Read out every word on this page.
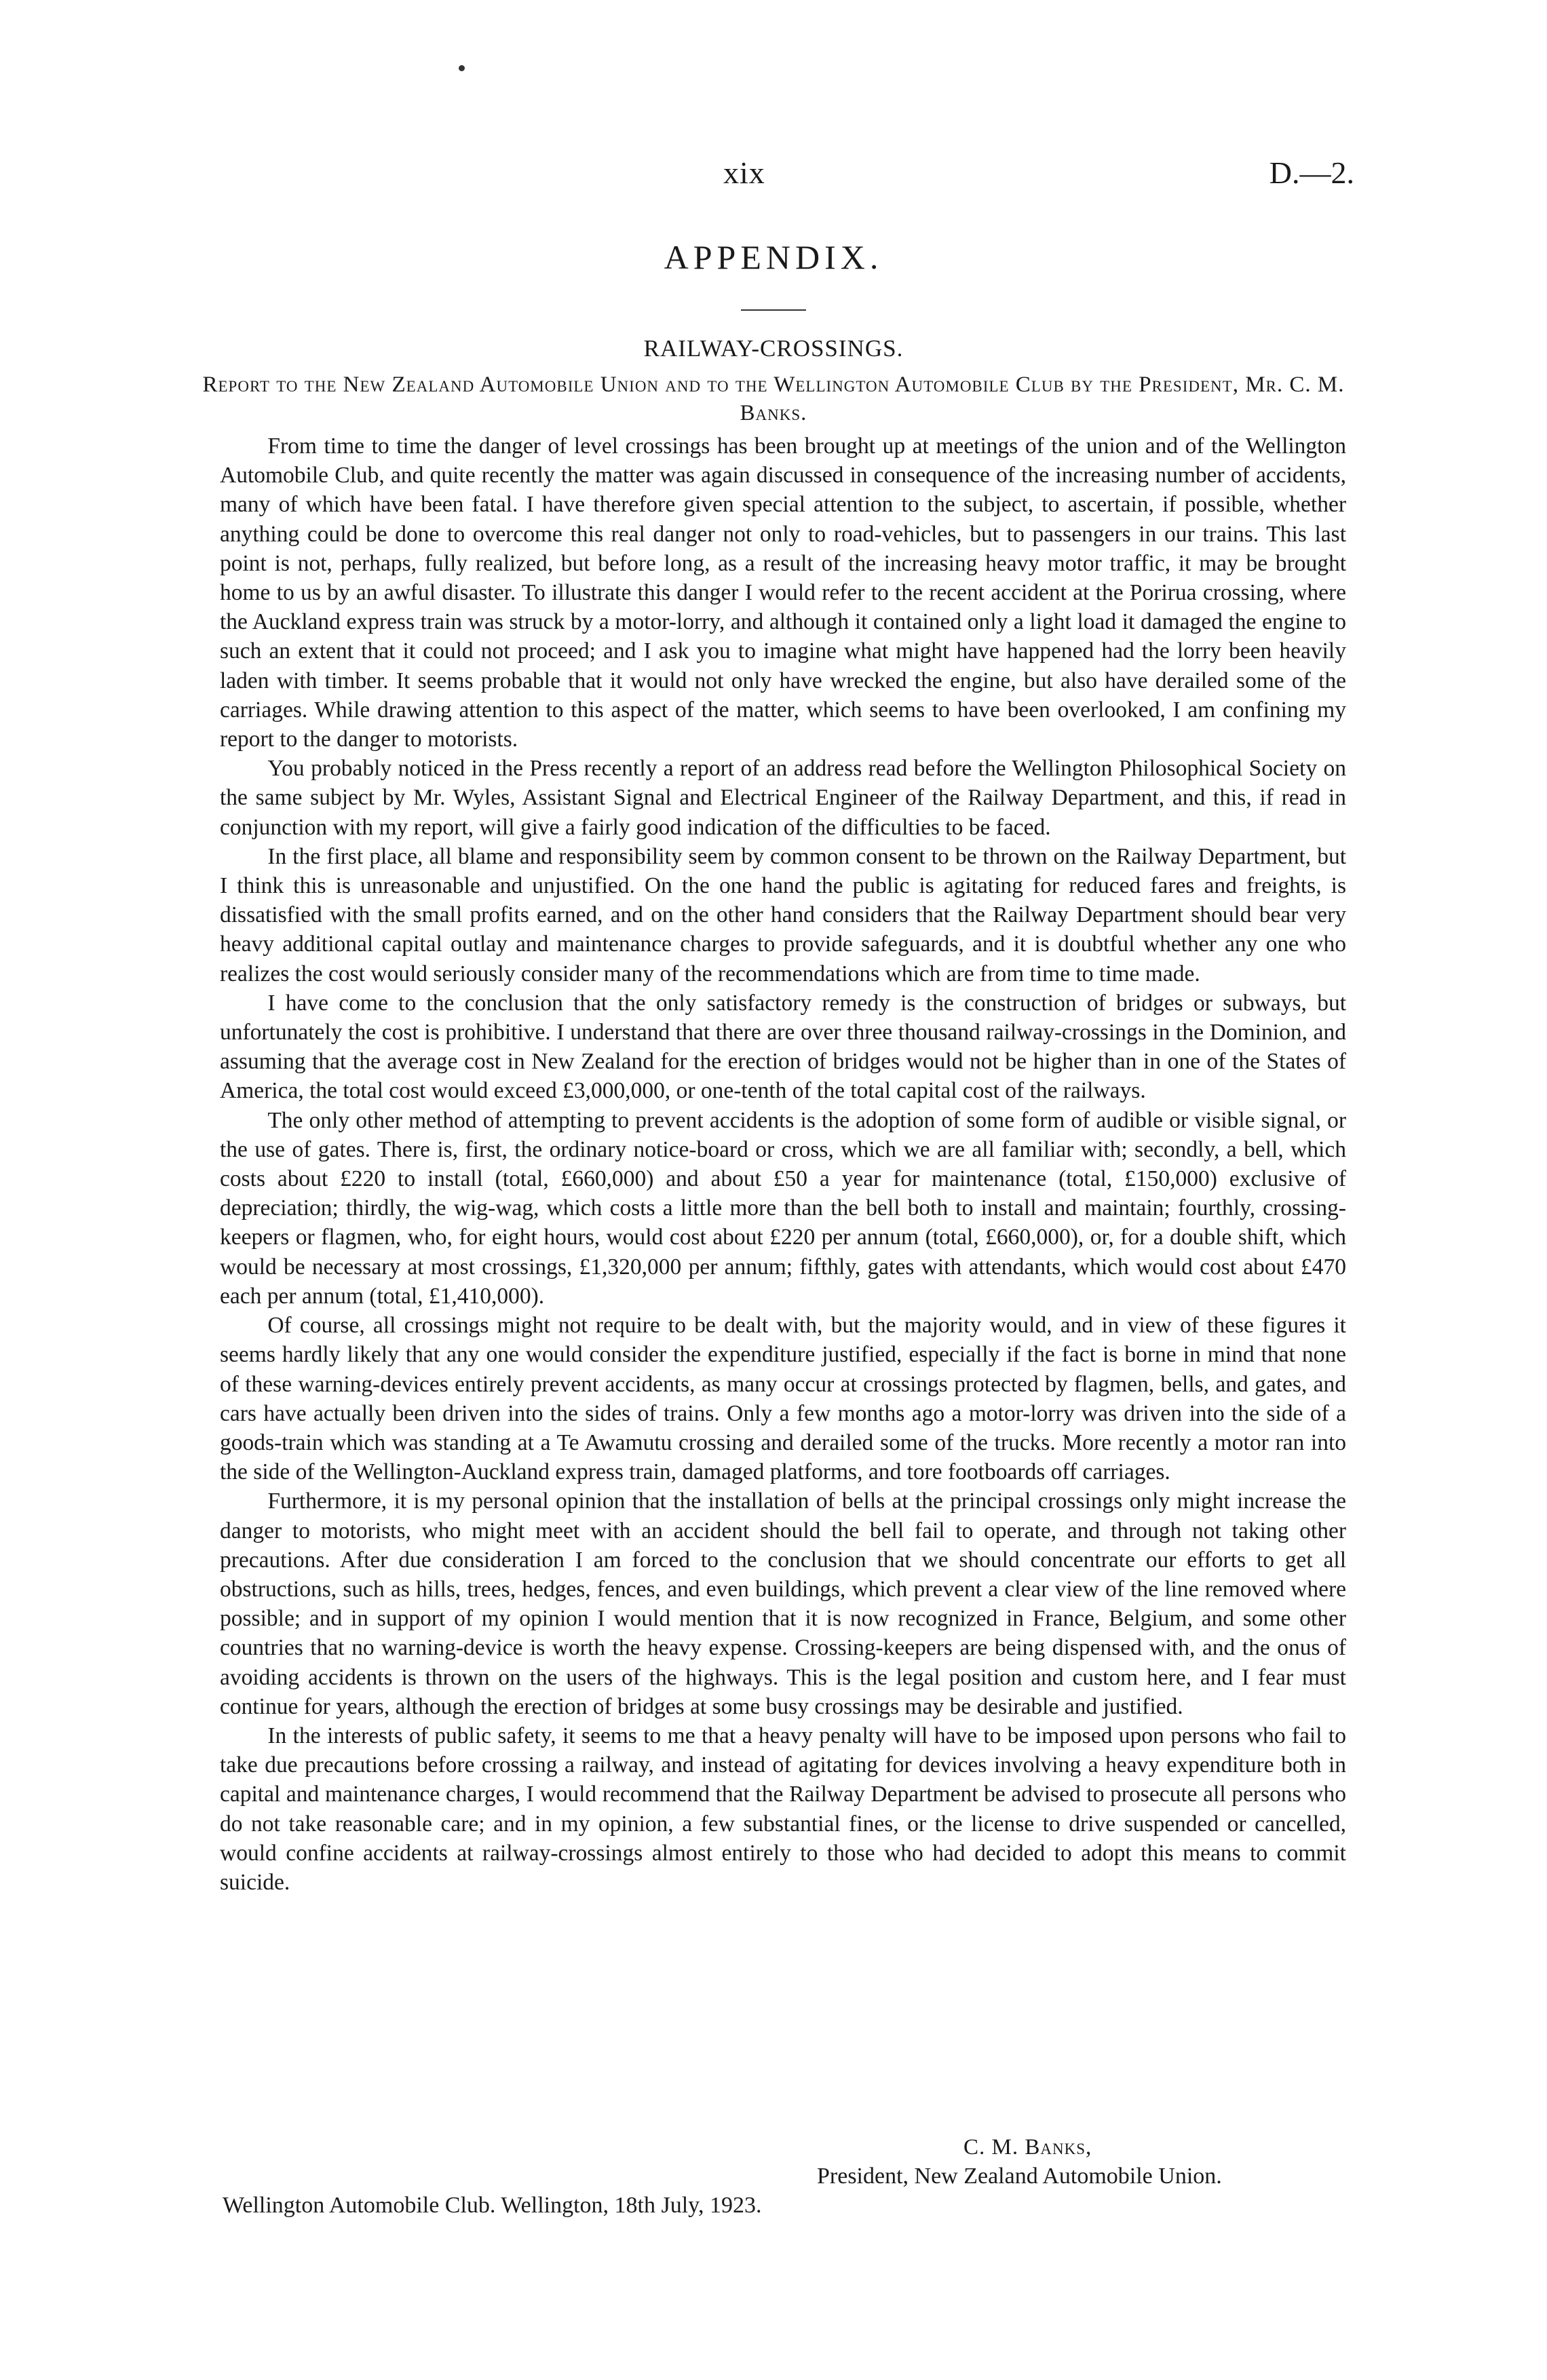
xix	D.—2.
APPENDIX.
RAILWAY-CROSSINGS.
Report to the New Zealand Automobile Union and to the Wellington Automobile Club by the President, Mr. C. M. Banks.

From time to time the danger of level crossings has been brought up at meetings of the union and of the Wellington Automobile Club, and quite recently the matter was again discussed in consequence of the increasing number of accidents, many of which have been fatal. I have therefore given special attention to the subject, to ascertain, if possible, whether anything could be done to overcome this real danger not only to road-vehicles, but to passengers in our trains. This last point is not, perhaps, fully realized, but before long, as a result of the increasing heavy motor traffic, it may be brought home to us by an awful disaster. To illustrate this danger I would refer to the recent accident at the Porirua crossing, where the Auckland express train was struck by a motor-lorry, and although it contained only a light load it damaged the engine to such an extent that it could not proceed; and I ask you to imagine what might have happened had the lorry been heavily laden with timber. It seems probable that it would not only have wrecked the engine, but also have derailed some of the carriages. While drawing attention to this aspect of the matter, which seems to have been overlooked, I am confining my report to the danger to motorists.

You probably noticed in the Press recently a report of an address read before the Wellington Philosophical Society on the same subject by Mr. Wyles, Assistant Signal and Electrical Engineer of the Railway Department, and this, if read in conjunction with my report, will give a fairly good indication of the difficulties to be faced.

In the first place, all blame and responsibility seem by common consent to be thrown on the Railway Department, but I think this is unreasonable and unjustified. On the one hand the public is agitating for reduced fares and freights, is dissatisfied with the small profits earned, and on the other hand considers that the Railway Department should bear very heavy additional capital outlay and maintenance charges to provide safeguards, and it is doubtful whether any one who realizes the cost would seriously consider many of the recommendations which are from time to time made.

I have come to the conclusion that the only satisfactory remedy is the construction of bridges or subways, but unfortunately the cost is prohibitive. I understand that there are over three thousand railway-crossings in the Dominion, and assuming that the average cost in New Zealand for the erection of bridges would not be higher than in one of the States of America, the total cost would exceed £3,000,000, or one-tenth of the total capital cost of the railways.

The only other method of attempting to prevent accidents is the adoption of some form of audible or visible signal, or the use of gates. There is, first, the ordinary notice-board or cross, which we are all familiar with; secondly, a bell, which costs about £220 to install (total, £660,000) and about £50 a year for maintenance (total, £150,000) exclusive of depreciation; thirdly, the wig-wag, which costs a little more than the bell both to install and maintain; fourthly, crossing-keepers or flagmen, who, for eight hours, would cost about £220 per annum (total, £660,000), or, for a double shift, which would be necessary at most crossings, £1,320,000 per annum; fifthly, gates with attendants, which would cost about £470 each per annum (total, £1,410,000).

Of course, all crossings might not require to be dealt with, but the majority would, and in view of these figures it seems hardly likely that any one would consider the expenditure justified, especially if the fact is borne in mind that none of these warning-devices entirely prevent accidents, as many occur at crossings protected by flagmen, bells, and gates, and cars have actually been driven into the sides of trains. Only a few months ago a motor-lorry was driven into the side of a goods-train which was standing at a Te Awamutu crossing and derailed some of the trucks. More recently a motor ran into the side of the Wellington-Auckland express train, damaged platforms, and tore footboards off carriages.

Furthermore, it is my personal opinion that the installation of bells at the principal crossings only might increase the danger to motorists, who might meet with an accident should the bell fail to operate, and through not taking other precautions. After due consideration I am forced to the conclusion that we should concentrate our efforts to get all obstructions, such as hills, trees, hedges, fences, and even buildings, which prevent a clear view of the line removed where possible; and in support of my opinion I would mention that it is now recognized in France, Belgium, and some other countries that no warning-device is worth the heavy expense. Crossing-keepers are being dispensed with, and the onus of avoiding accidents is thrown on the users of the highways. This is the legal position and custom here, and I fear must continue for years, although the erection of bridges at some busy crossings may be desirable and justified.

In the interests of public safety, it seems to me that a heavy penalty will have to be imposed upon persons who fail to take due precautions before crossing a railway, and instead of agitating for devices involving a heavy expenditure both in capital and maintenance charges, I would recommend that the Railway Department be advised to prosecute all persons who do not take reasonable care; and in my opinion, a few substantial fines, or the license to drive suspended or cancelled, would confine accidents at railway-crossings almost entirely to those who had decided to adopt this means to commit suicide.

C. M. Banks,
President, New Zealand Automobile Union.
Wellington Automobile Club. Wellington, 18th July, 1923.
